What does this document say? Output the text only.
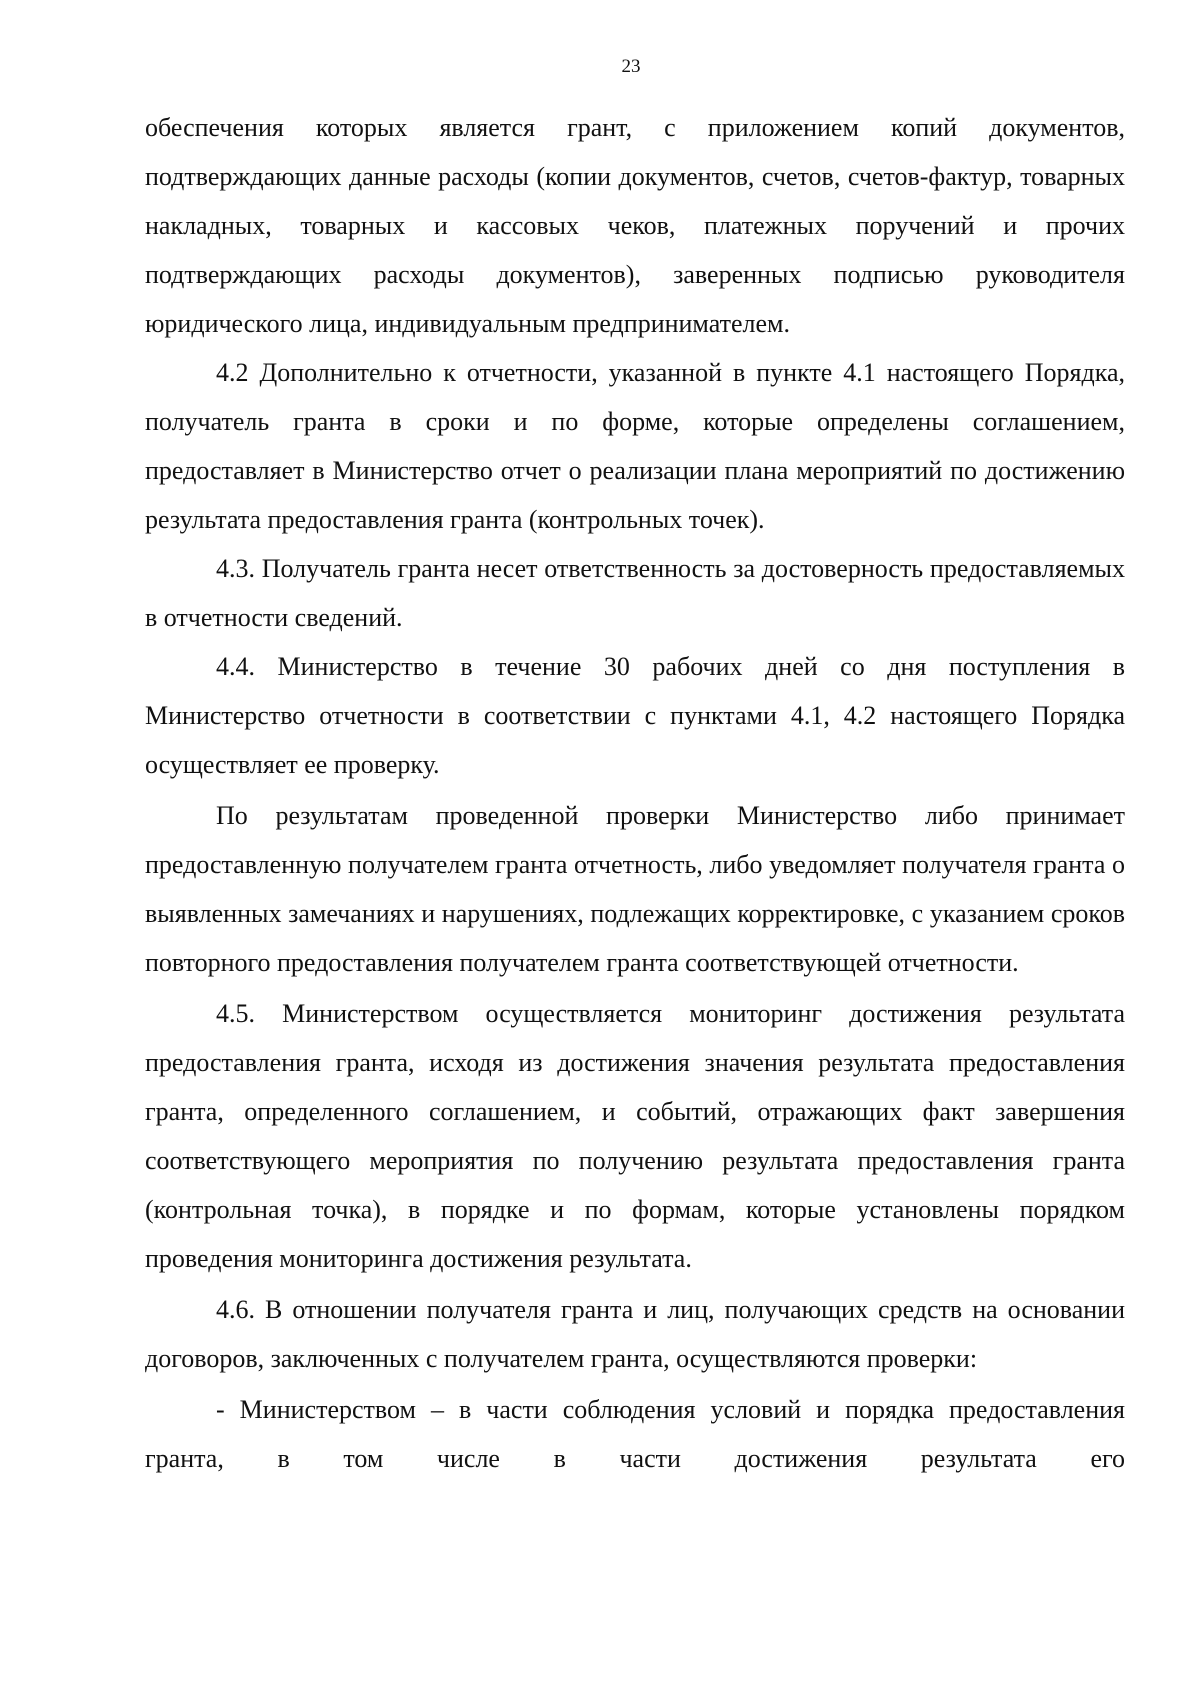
23

обеспечения которых является грант, с приложением копий документов, подтверждающих данные расходы (копии документов, счетов, счетов-фактур, товарных накладных, товарных и кассовых чеков, платежных поручений и прочих подтверждающих расходы документов), заверенных подписью руководителя юридического лица, индивидуальным предпринимателем.

4.2 Дополнительно к отчетности, указанной в пункте 4.1 настоящего Порядка, получатель гранта в сроки и по форме, которые определены соглашением, предоставляет в Министерство отчет о реализации плана мероприятий по достижению результата предоставления гранта (контрольных точек).

4.3. Получатель гранта несет ответственность за достоверность предоставляемых в отчетности сведений.

4.4. Министерство в течение 30 рабочих дней со дня поступления в Министерство отчетности в соответствии с пунктами 4.1, 4.2 настоящего Порядка осуществляет ее проверку.

По результатам проведенной проверки Министерство либо принимает предоставленную получателем гранта отчетность, либо уведомляет получателя гранта о выявленных замечаниях и нарушениях, подлежащих корректировке, с указанием сроков повторного предоставления получателем гранта соответствующей отчетности.

4.5. Министерством осуществляется мониторинг достижения результата предоставления гранта, исходя из достижения значения результата предоставления гранта, определенного соглашением, и событий, отражающих факт завершения соответствующего мероприятия по получению результата предоставления гранта (контрольная точка), в порядке и по формам, которые установлены порядком проведения мониторинга достижения результата.

4.6. В отношении получателя гранта и лиц, получающих средств на основании договоров, заключенных с получателем гранта, осуществляются проверки:

- Министерством – в части соблюдения условий и порядка предоставления гранта, в том числе в части достижения результата его
